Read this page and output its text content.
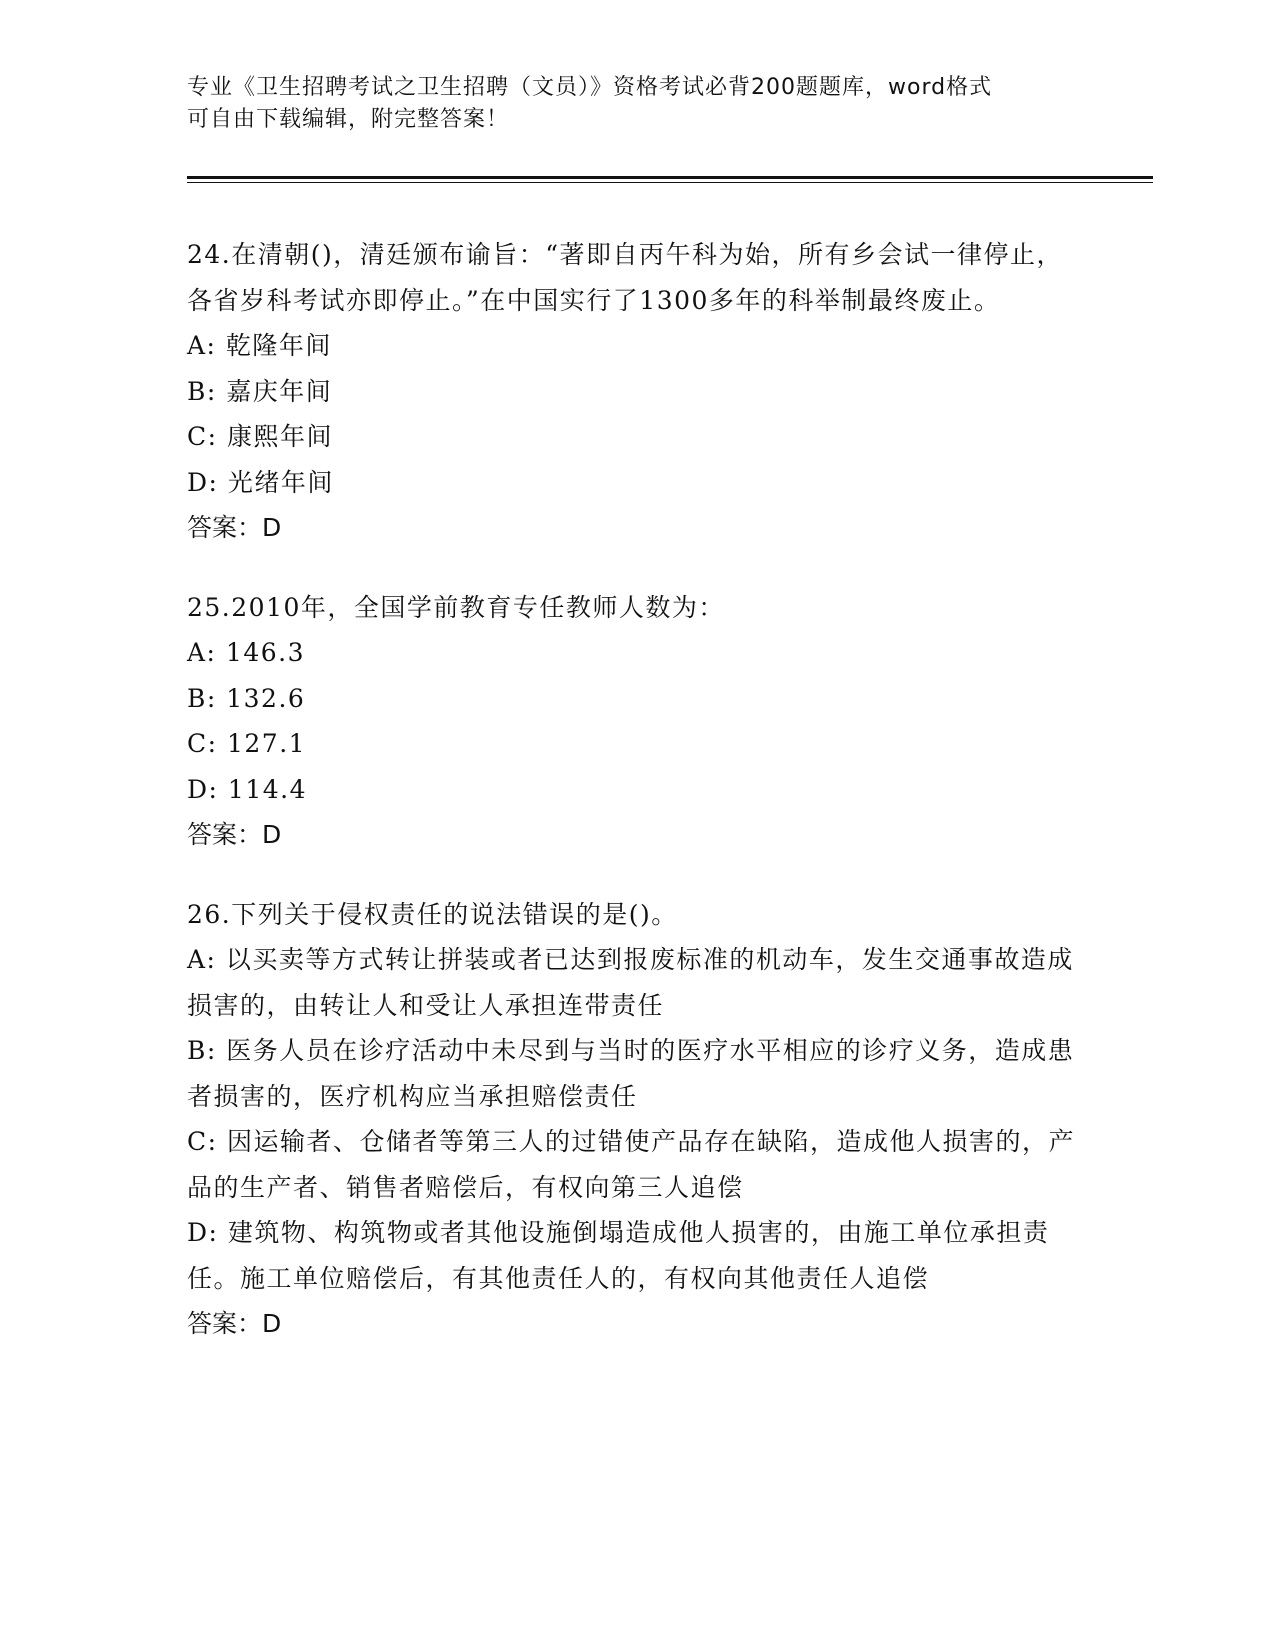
专业《卫生招聘考试之卫生招聘（文员）》资格考试必背200题题库，word格式
可自由下载编辑，附完整答案！

24.在清朝()，清廷颁布谕旨：“著即自丙午科为始，所有乡会试一律停止，各省岁科考试亦即停止。”在中国实行了1300多年的科举制最终废止。

A: 乾隆年间

B: 嘉庆年间

C: 康熙年间

D: 光绪年间

答案：D

25.2010年，全国学前教育专任教师人数为：

A: 146.3

B: 132.6

C: 127.1

D: 114.4

答案：D

26.下列关于侵权责任的说法错误的是()。

A: 以买卖等方式转让拼装或者已达到报废标准的机动车，发生交通事故造成损害的，由转让人和受让人承担连带责任

B: 医务人员在诊疗活动中未尽到与当时的医疗水平相应的诊疗义务，造成患者损害的，医疗机构应当承担赔偿责任

C: 因运输者、仓储者等第三人的过错使产品存在缺陷，造成他人损害的，产品的生产者、销售者赔偿后，有权向第三人追偿

D: 建筑物、构筑物或者其他设施倒塌造成他人损害的，由施工单位承担责任。施工单位赔偿后，有其他责任人的，有权向其他责任人追偿

答案：D
